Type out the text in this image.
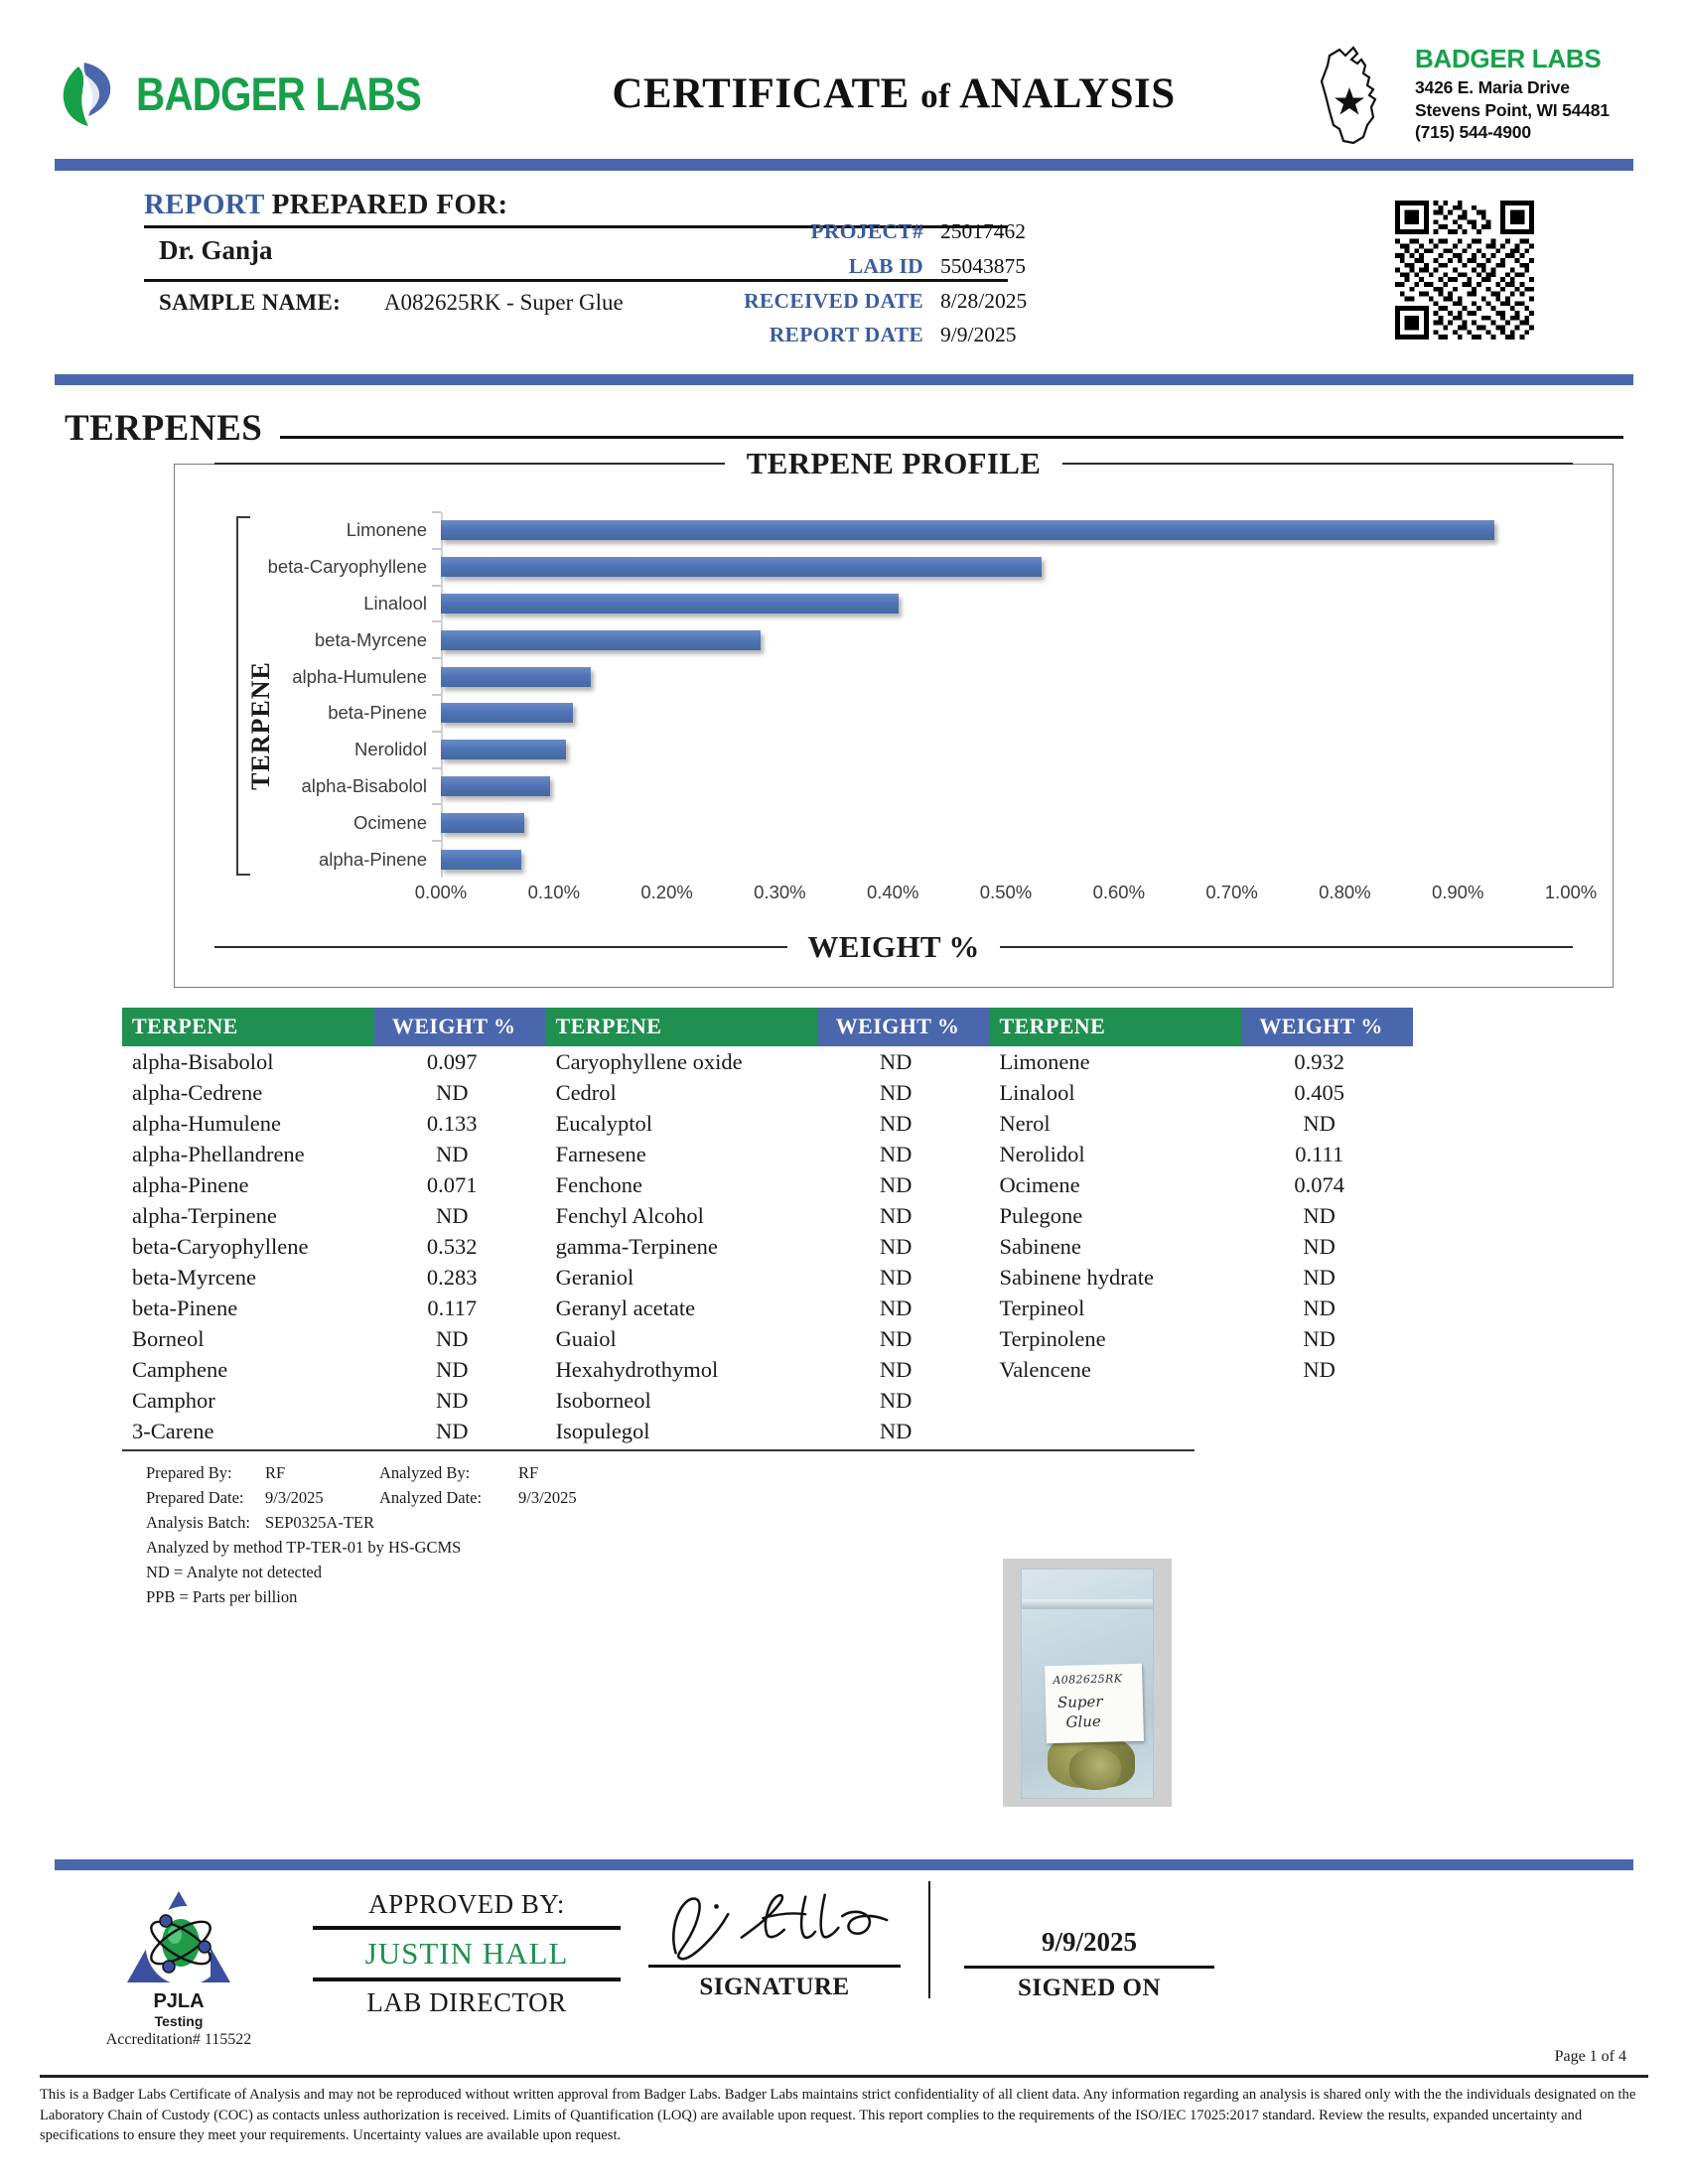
BADGER LABS	CERTIFICATE of ANALYSIS
BADGER LABS
3426 E. Maria Drive
Stevens Point, WI 54481
(715) 544-4900
REPORT PREPARED FOR:
Dr. Ganja
PROJECT# 25017462
LAB ID 55043875
RECEIVED DATE 8/28/2025
REPORT DATE 9/9/2025
SAMPLE NAME: A082625RK - Super Glue
TERPENES
TERPENE PROFILE
TERPENE
Limonene
beta-Caryophyllene
Linalool
beta-Myrcene
alpha-Humulene
beta-Pinene
Nerolidol
alpha-Bisabolol
Ocimene
alpha-Pinene
0.00%	0.10%	0.20%	0.30%	0.40%	0.50%	0.60%	0.70%	0.80%	0.90%	1.00%
WEIGHT %
TERPENE	WEIGHT %	TERPENE	WEIGHT %	TERPENE	WEIGHT %
alpha-Bisabolol	0.097	Caryophyllene oxide	ND	Limonene	0.932
alpha-Cedrene	ND	Cedrol	ND	Linalool	0.405
alpha-Humulene	0.133	Eucalyptol	ND	Nerol	ND
alpha-Phellandrene	ND	Farnesene	ND	Nerolidol	0.111
alpha-Pinene	0.071	Fenchone	ND	Ocimene	0.074
alpha-Terpinene	ND	Fenchyl Alcohol	ND	Pulegone	ND
beta-Caryophyllene	0.532	gamma-Terpinene	ND	Sabinene	ND
beta-Myrcene	0.283	Geraniol	ND	Sabinene hydrate	ND
beta-Pinene	0.117	Geranyl acetate	ND	Terpineol	ND
Borneol	ND	Guaiol	ND	Terpinolene	ND
Camphene	ND	Hexahydrothymol	ND	Valencene	ND
Camphor	ND	Isoborneol	ND		
3-Carene	ND	Isopulegol	ND		
Prepared By:	RF	Analyzed By:	RF
Prepared Date:	9/3/2025	Analyzed Date:	9/3/2025
Analysis Batch: SEP0325A-TER
Analyzed by method TP-TER-01 by HS-GCMS
ND = Analyte not detected
PPB = Parts per billion
A082625RK
Super
Glue
PJLA
Testing
Accreditation# 115522
APPROVED BY:
JUSTIN HALL
LAB DIRECTOR
SIGNATURE
9/9/2025
SIGNED ON
Page 1 of 4
This is a Badger Labs Certificate of Analysis and may not be reproduced without written approval from Badger Labs. Badger Labs maintains strict confidentiality of all client data. Any information regarding an analysis is shared only with the the individuals designated on the Laboratory Chain of Custody (COC) as contacts unless authorization is received. Limits of Quantification (LOQ) are available upon request. This report complies to the requirements of the ISO/IEC 17025:2017 standard. Review the results, expanded uncertainty and specifications to ensure they meet your requirements. Uncertainty values are available upon request.
